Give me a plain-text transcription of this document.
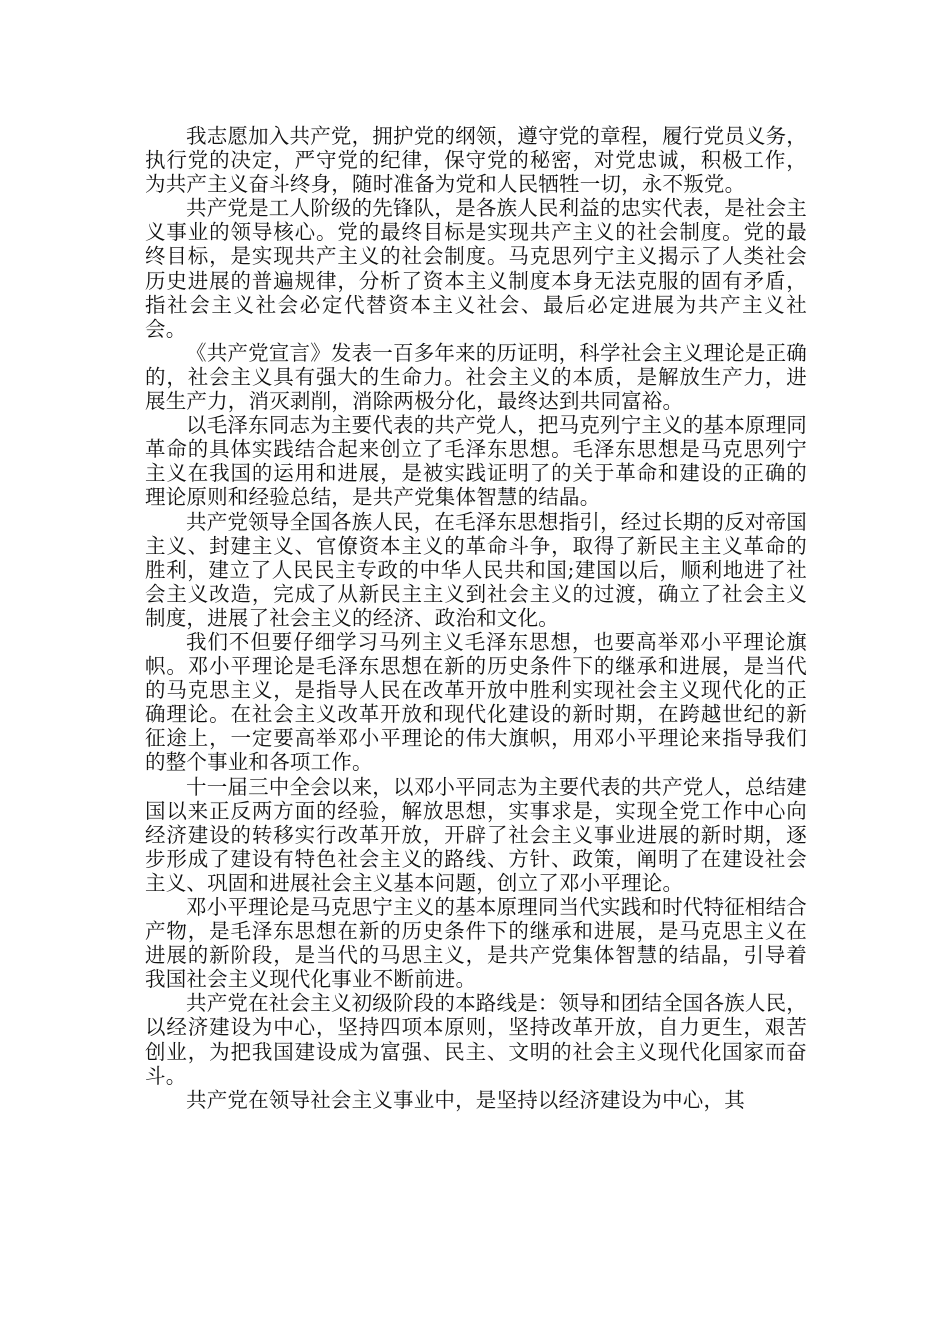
我志愿加入共产党，拥护党的纲领，遵守党的章程，履行党员义务，执行党的决定，严守党的纪律，保守党的秘密，对党忠诚，积极工作，为共产主义奋斗终身，随时准备为党和人民牺牲一切，永不叛党。

共产党是工人阶级的先锋队，是各族人民利益的忠实代表，是社会主义事业的领导核心。党的最终目标是实现共产主义的社会制度。党的最终目标，是实现共产主义的社会制度。马克思列宁主义揭示了人类社会历史进展的普遍规律，分析了资本主义制度本身无法克服的固有矛盾，指社会主义社会必定代替资本主义社会、最后必定进展为共产主义社会。

《共产党宣言》发表一百多年来的历证明，科学社会主义理论是正确的，社会主义具有强大的生命力。社会主义的本质，是解放生产力，进展生产力，消灭剥削，消除两极分化，最终达到共同富裕。

以毛泽东同志为主要代表的共产党人，把马克列宁主义的基本原理同革命的具体实践结合起来创立了毛泽东思想。毛泽东思想是马克思列宁主义在我国的运用和进展，是被实践证明了的关于革命和建设的正确的理论原则和经验总结，是共产党集体智慧的结晶。

共产党领导全国各族人民，在毛泽东思想指引，经过长期的反对帝国主义、封建主义、官僚资本主义的革命斗争，取得了新民主主义革命的胜利，建立了人民民主专政的中华人民共和国;建国以后，顺利地进了社会主义改造，完成了从新民主主义到社会主义的过渡，确立了社会主义制度，进展了社会主义的经济、政治和文化。

我们不但要仔细学习马列主义毛泽东思想，也要高举邓小平理论旗帜。邓小平理论是毛泽东思想在新的历史条件下的继承和进展，是当代的马克思主义，是指导人民在改革开放中胜利实现社会主义现代化的正确理论。在社会主义改革开放和现代化建设的新时期，在跨越世纪的新征途上，一定要高举邓小平理论的伟大旗帜，用邓小平理论来指导我们的整个事业和各项工作。

十一届三中全会以来，以邓小平同志为主要代表的共产党人，总结建国以来正反两方面的经验，解放思想，实事求是，实现全党工作中心向经济建设的转移实行改革开放，开辟了社会主义事业进展的新时期，逐步形成了建设有特色社会主义的路线、方针、政策，阐明了在建设社会主义、巩固和进展社会主义基本问题，创立了邓小平理论。

邓小平理论是马克思宁主义的基本原理同当代实践和时代特征相结合产物，是毛泽东思想在新的历史条件下的继承和进展，是马克思主义在进展的新阶段，是当代的马思主义，是共产党集体智慧的结晶，引导着我国社会主义现代化事业不断前进。

共产党在社会主义初级阶段的本路线是：领导和团结全国各族人民，以经济建设为中心，坚持四项本原则，坚持改革开放，自力更生，艰苦创业，为把我国建设成为富强、民主、文明的社会主义现代化国家而奋斗。

共产党在领导社会主义事业中，是坚持以经济建设为中心，其
